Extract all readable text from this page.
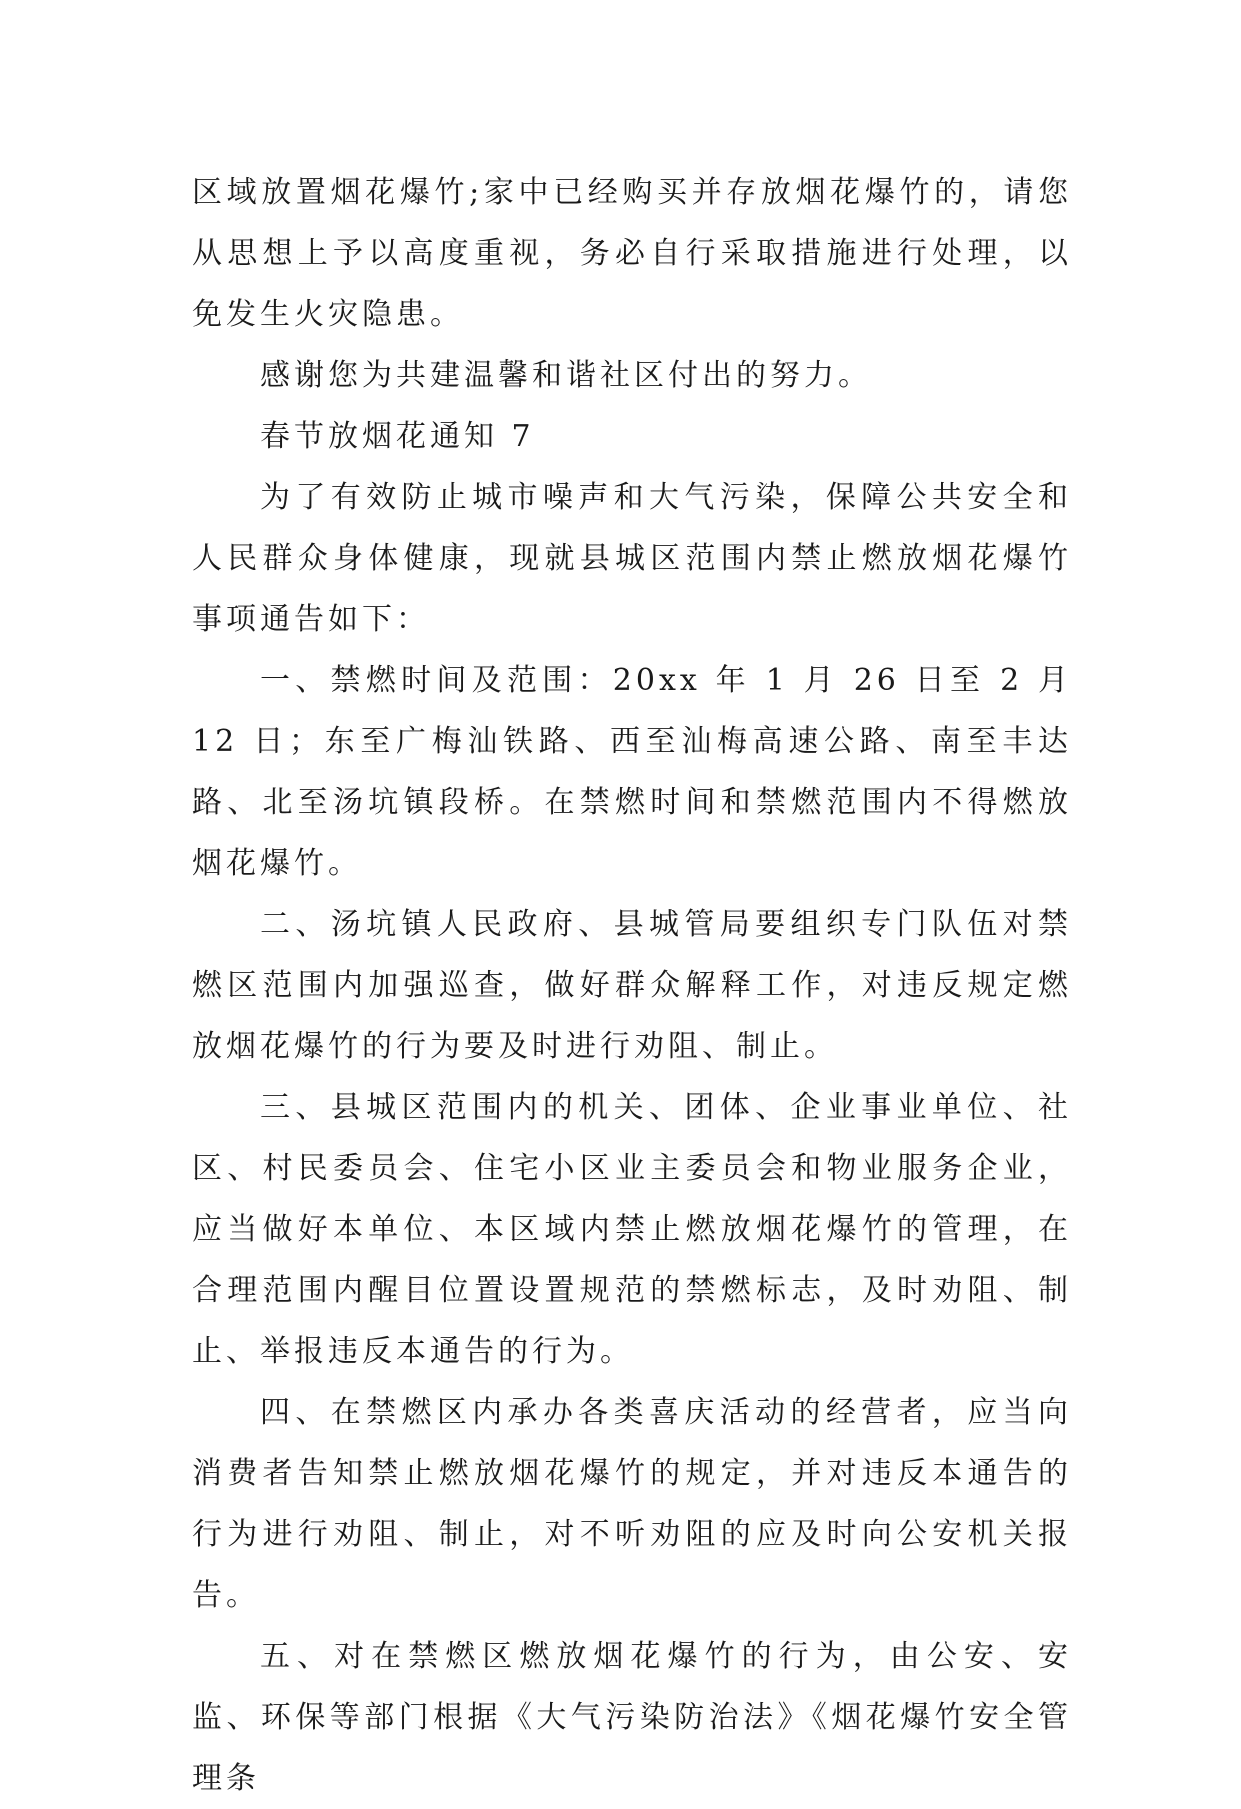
区域放置烟花爆竹;家中已经购买并存放烟花爆竹的，请您从思想上予以高度重视，务必自行采取措施进行处理，以免发生火灾隐患。

感谢您为共建温馨和谐社区付出的努力。

春节放烟花通知 7

为了有效防止城市噪声和大气污染，保障公共安全和人民群众身体健康，现就县城区范围内禁止燃放烟花爆竹事项通告如下：

一、禁燃时间及范围：20xx 年 1 月 26 日至 2 月 12 日；东至广梅汕铁路、西至汕梅高速公路、南至丰达路、北至汤坑镇段桥。在禁燃时间和禁燃范围内不得燃放烟花爆竹。

二、汤坑镇人民政府、县城管局要组织专门队伍对禁燃区范围内加强巡查，做好群众解释工作，对违反规定燃放烟花爆竹的行为要及时进行劝阻、制止。

三、县城区范围内的机关、团体、企业事业单位、社区、村民委员会、住宅小区业主委员会和物业服务企业，应当做好本单位、本区域内禁止燃放烟花爆竹的管理，在合理范围内醒目位置设置规范的禁燃标志，及时劝阻、制止、举报违反本通告的行为。

四、在禁燃区内承办各类喜庆活动的经营者，应当向消费者告知禁止燃放烟花爆竹的规定，并对违反本通告的行为进行劝阻、制止，对不听劝阻的应及时向公安机关报告。

五、对在禁燃区燃放烟花爆竹的行为，由公安、安监、环保等部门根据《大气污染防治法》《烟花爆竹安全管理条
